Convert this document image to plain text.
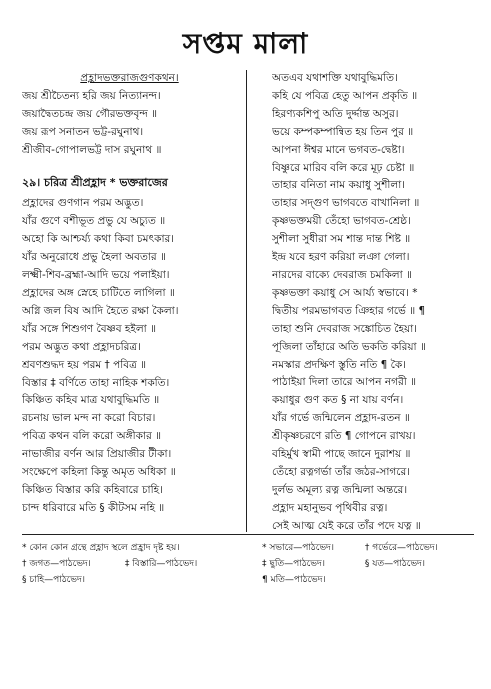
সপ্তম মালা
প্রহ্লাদভক্তরাজগুণকথন।
জয় শ্রীচৈতন্য হরি জয় নিত্যানন্দ।
জয়াদ্বৈতচন্দ্র জয় গৌরভক্তবৃন্দ ॥
জয় রূপ সনাতন ভট্ট-রঘুনাথ।
শ্রীজীব-গোপালভট্ট দাস রঘুনাথ ॥
২৯। চরিত্র শ্রীপ্রহ্লাদ * ভক্তরাজের
প্রহ্লাদের গুণগান পরম অদ্ভুত।
যাঁর গুণে বশীভূত প্রভু যে অচ্যুত ॥
অহো কি আশ্চর্য্য কথা কিবা চমৎকার।
যাঁর অনুরোধে প্রভু হৈলা অবতার ॥
লক্ষ্মী-শিব-ব্রহ্মা-আদি ভয়ে পলাইয়া।
প্রহ্লাদের অঙ্গ স্নেহে চাটিতে লাগিলা ॥
অগ্নি জল বিষ আদি হৈতে রক্ষা কৈলা।
যাঁর সঙ্গে শিশুগণ বৈষ্ণব হইলা ॥
পরম অদ্ভুত কথা প্রহ্লাদচরিত্র।
শ্রবণশুদ্ধদ হয় পরম † পবিত্র ॥
বিস্তার ‡ বর্ণিতে তাহা নাহিক শকতি।
কিঞ্চিত কহিব মাত্র যথাবুদ্ধিমতি ॥
রচনায় ভাল মন্দ না করো বিচার।
পবিত্র কথন বলি করো অঙ্গীকার ॥
নাভাজীর বর্ণন আর প্রিয়াজীর টীকা।
সংক্ষেপে কহিলা কিন্তু অমৃত অধিকা ॥
কিঞ্চিত বিস্তার করি কহিবারে চাহি।
চান্দ ধরিবারে মতি § কীটসম নহি ॥
অতএব যথাশক্তি যথাবুদ্ধিমতি।
কহি যে পবিত্র হেতু আপন প্রকৃতি ॥
হিরণ্যকশিপু অতি দুর্দ্দান্ত অসুর।
ভয়ে কম্পকম্পান্বিত হয় তিন পুর ॥
আপনা ঈশ্বর মানে ভগবত-দ্বেষ্টা।
বিষ্ণুরে মারিব বলি করে মূঢ় চেষ্টা ॥
তাহার বনিতা নাম কয়াধু সুশীলা।
তাহার সদ্গুণ ভাগবতে বাখানিলা ॥
কৃষ্ণভক্তময়ী তেঁহো ভাগবত-শ্রেষ্ঠ।
সুশীলা সুধীরা সম শান্ত দান্ত শিষ্ট ॥
ইন্দ্র যবে হরণ করিয়া লঞা গেলা।
নারদের বাক্যে দেবরাজ চমকিলা ॥
কৃষ্ণভক্তা কয়াধু সে আর্য্য স্বভাবে। *
দ্বিতীয় পরমভাগবত ঞিহার গর্ভে ॥ ¶
তাহা শুনি দেবরাজ সঙ্কোচিত হৈয়া।
পূজিলা তাঁহারে অতি ভকতি করিয়া ॥
নমস্কার প্রদক্ষিণ স্তুতি নতি ¶ কৈ।
পাঠাইয়া দিলা তারে আপন নগরী ॥
কয়াধুর গুণ কত § না যায় বর্ণন।
যাঁর গর্ভে জন্মিলেন প্রহ্লাদ-রতন ॥
শ্রীকৃষ্ণচরণে রতি ¶ গোপনে রাখয়।
বহির্মুখ স্বামী পাছে জানে দুরাশয় ॥
তেঁহো রত্নগর্ভা তাঁর জঠর-সাগরে।
দুর্লভ অমূল্য রত্ন জন্মিলা অন্তরে।
প্রহ্লাদ মহানুভব পৃথিবীর রত্ন।
সেই আত্ম যেই করে তাঁর পদে যত্ন ॥
* কোন কোন গ্রন্থে প্রহ্লাদ স্থলে প্রহ্রাদ দৃষ্ট হয়।
† জগত—পাঠভেদ।	‡ বিস্তারি—পাঠভেদ।
§ চাহি—পাঠভেদ।
* সভারে—পাঠভেদ।	† গর্ভেরে—পাঠভেদ।
‡ ছুতি—পাঠভেদ।	§ যত—পাঠভেদ।
¶ মতি—পাঠভেদ।
